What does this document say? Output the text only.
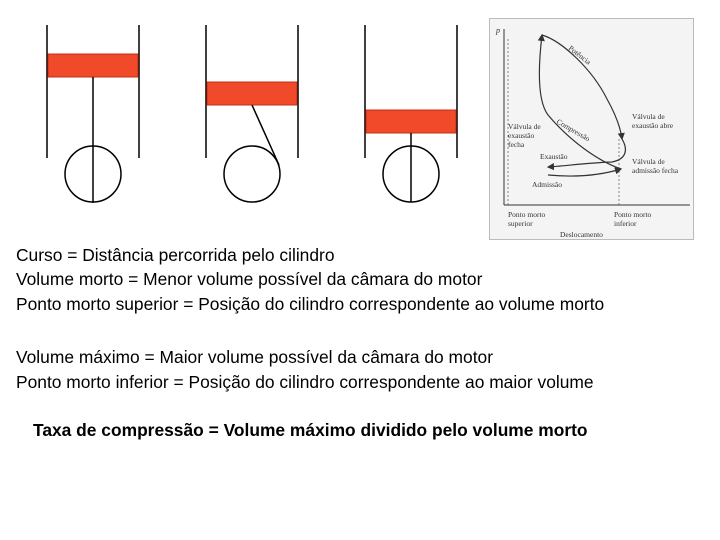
p
Potência
Compressão
Exaustão
Admissão
Válvula de
exaustão abre
Válvula de
admissão fecha
Válvula de
exaustão
fecha
Ponto morto
superior
Ponto morto
inferior
Deslocamento
Curso = Distância percorrida pelo cilindro
Volume morto = Menor volume possível da câmara do motor
Ponto morto superior = Posição do cilindro correspondente ao volume morto
Volume máximo = Maior volume possível da câmara do motor
Ponto morto inferior = Posição do cilindro correspondente ao maior volume
Taxa de compressão = Volume máximo dividido pelo volume morto
